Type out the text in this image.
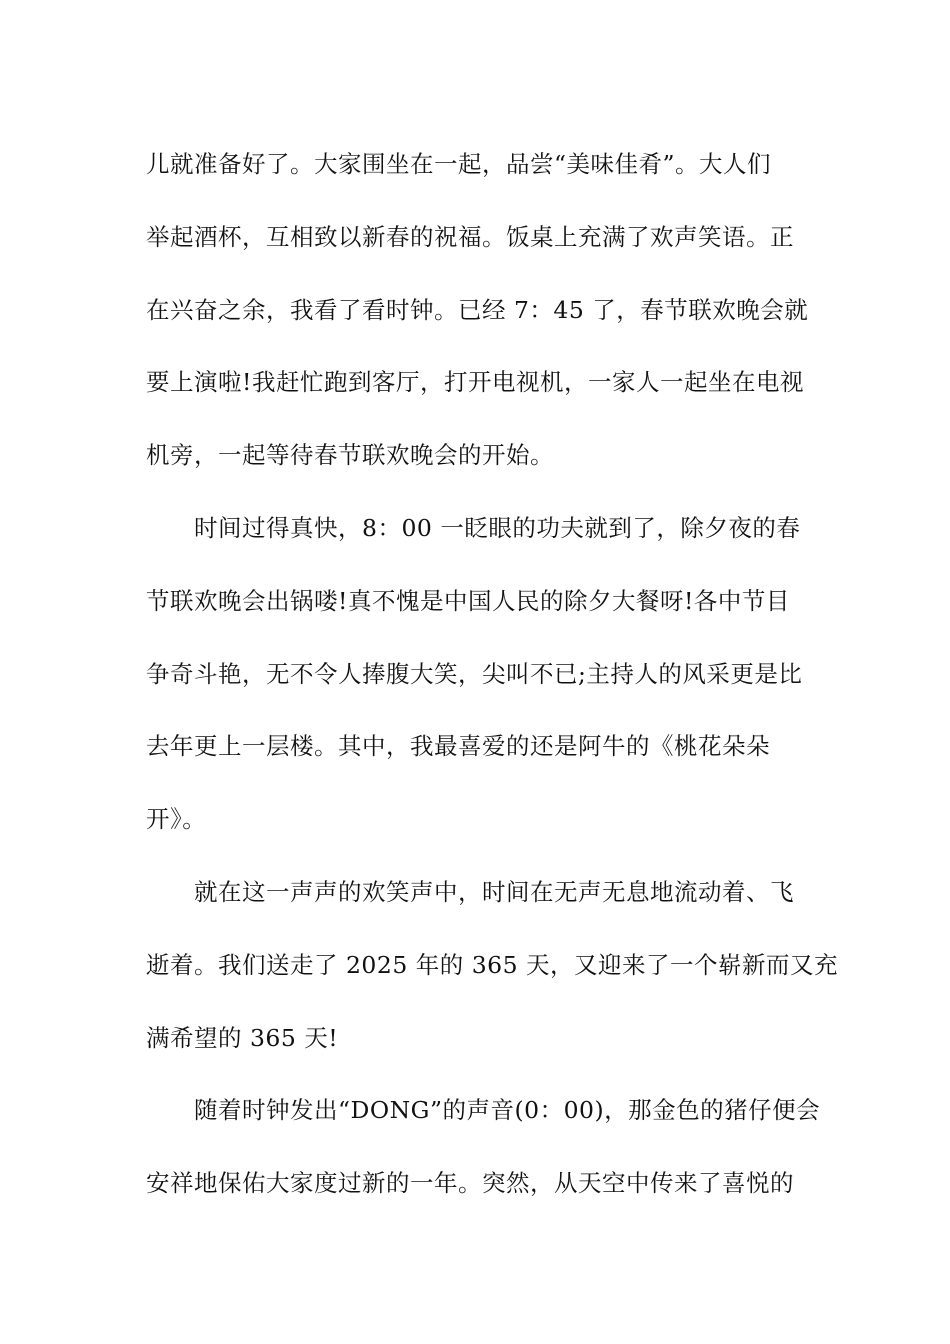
儿就准备好了。大家围坐在一起，品尝“美味佳肴”。大人们
举起酒杯，互相致以新春的祝福。饭桌上充满了欢声笑语。正
在兴奋之余，我看了看时钟。已经 7：45 了，春节联欢晚会就
要上演啦!我赶忙跑到客厅，打开电视机，一家人一起坐在电视
机旁，一起等待春节联欢晚会的开始。
时间过得真快，8：00 一眨眼的功夫就到了，除夕夜的春
节联欢晚会出锅喽!真不愧是中国人民的除夕大餐呀!各中节目
争奇斗艳，无不令人捧腹大笑，尖叫不已;主持人的风采更是比
去年更上一层楼。其中，我最喜爱的还是阿牛的《桃花朵朵
开》。
就在这一声声的欢笑声中，时间在无声无息地流动着、飞
逝着。我们送走了 2025 年的 365 天，又迎来了一个崭新而又充
满希望的 365 天!
随着时钟发出“DONG”的声音(0：00)，那金色的猪仔便会
安祥地保佑大家度过新的一年。突然，从天空中传来了喜悦的
